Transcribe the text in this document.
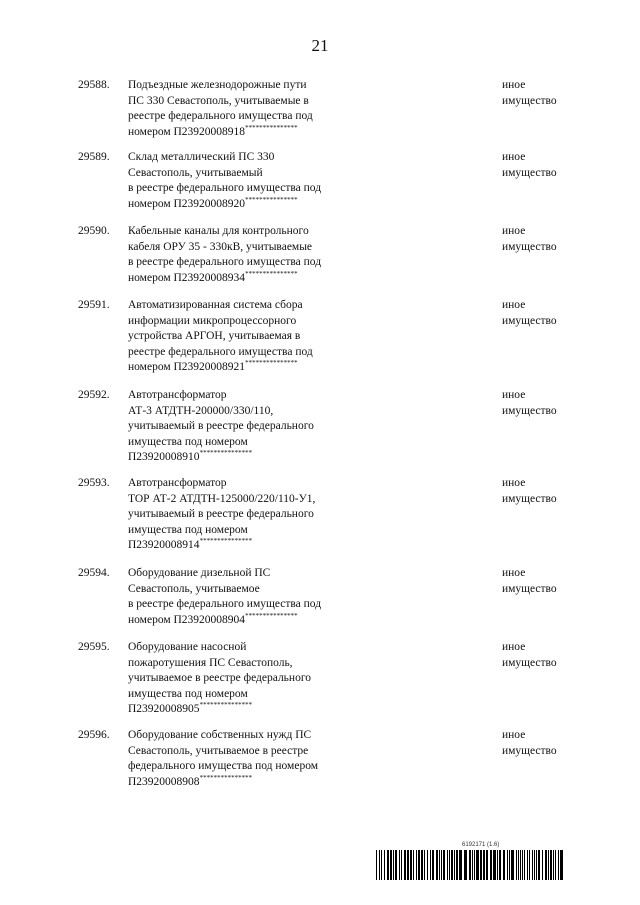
21
29588. Подъездные железнодорожные пути
ПС 330 Севастополь, учитываемые в
реестре федерального имущества под
номером П23920008918***************
иное
имущество
29589. Склад металлический ПС 330
Севастополь, учитываемый
в реестре федерального имущества под
номером П23920008920***************
иное
имущество
29590. Кабельные каналы для контрольного
кабеля ОРУ 35 - 330кВ, учитываемые
в реестре федерального имущества под
номером П23920008934***************
иное
имущество
29591. Автоматизированная система сбора
информации микропроцессорного
устройства АРГОН, учитываемая в
реестре федерального имущества под
номером П23920008921***************
иное
имущество
29592. Автотрансформатор
АТ-3 АТДТН-200000/330/110,
учитываемый в реестре федерального
имущества под номером
П23920008910***************
иное
имущество
29593. Автотрансформатор
ТОР АТ-2 АТДТН-125000/220/110-У1,
учитываемый в реестре федерального
имущества под номером
П23920008914***************
иное
имущество
29594. Оборудование дизельной ПС
Севастополь, учитываемое
в реестре федерального имущества под
номером П23920008904***************
иное
имущество
29595. Оборудование насосной
пожаротушения ПС Севастополь,
учитываемое в реестре федерального
имущества под номером
П23920008905***************
иное
имущество
29596. Оборудование собственных нужд ПС
Севастополь, учитываемое в реестре
федерального имущества под номером
П23920008908***************
иное
имущество
6192171 (1.6)
